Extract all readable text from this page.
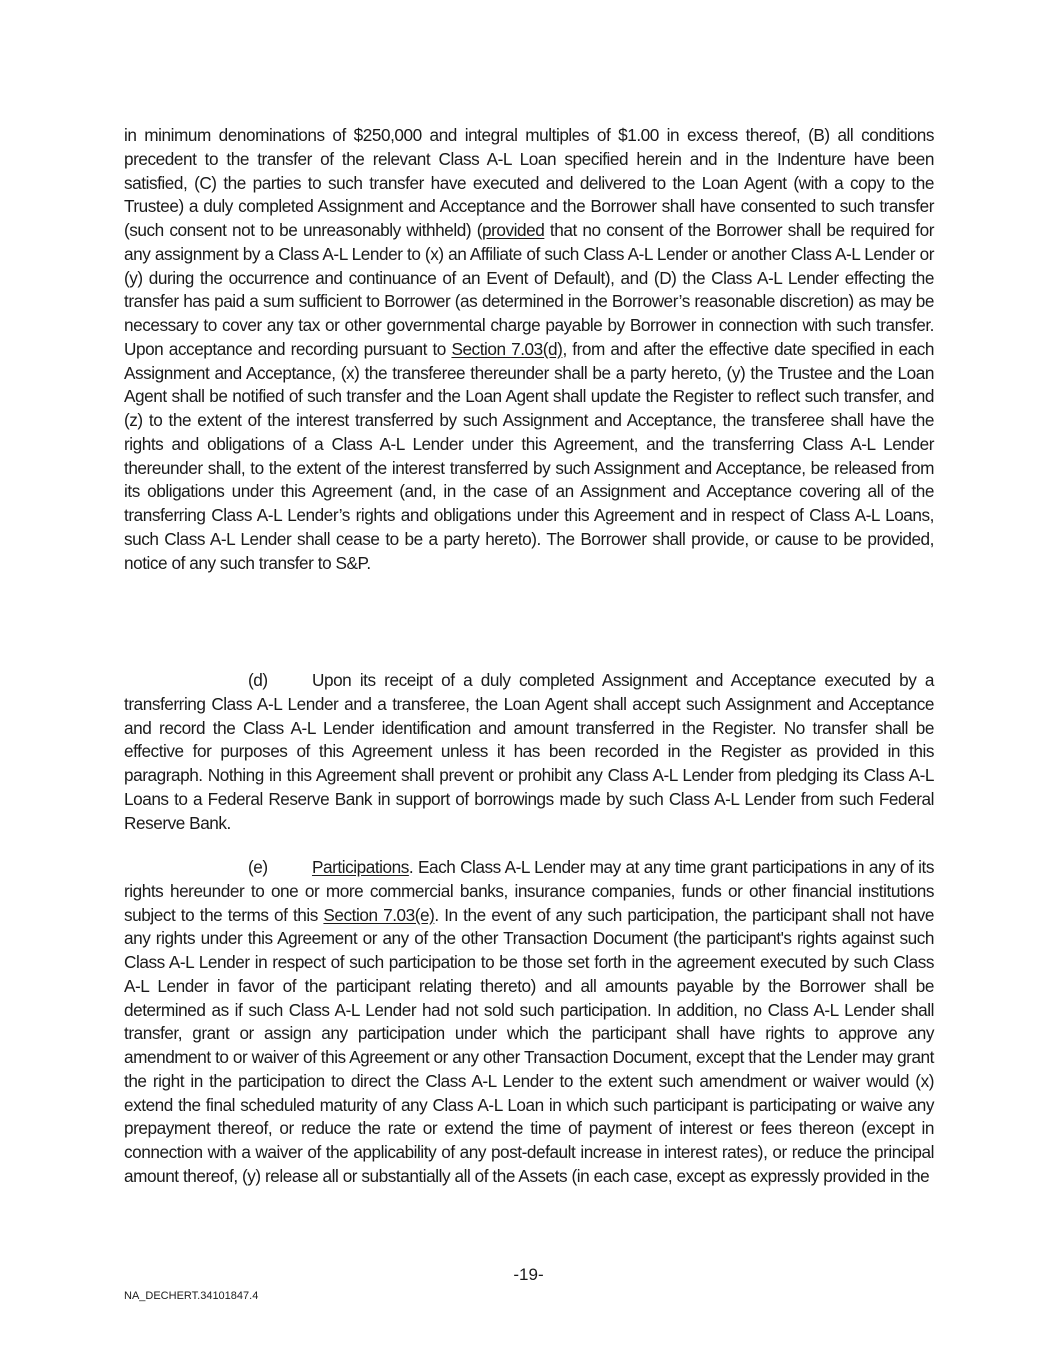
in minimum denominations of $250,000 and integral multiples of $1.00 in excess thereof, (B) all conditions precedent to the transfer of the relevant Class A-L Loan specified herein and in the Indenture have been satisfied, (C) the parties to such transfer have executed and delivered to the Loan Agent (with a copy to the Trustee) a duly completed Assignment and Acceptance and the Borrower shall have consented to such transfer (such consent not to be unreasonably withheld) (provided that no consent of the Borrower shall be required for any assignment by a Class A-L Lender to (x) an Affiliate of such Class A-L Lender or another Class A-L Lender or (y) during the occurrence and continuance of an Event of Default), and (D) the Class A-L Lender effecting the transfer has paid a sum sufficient to Borrower (as determined in the Borrower’s reasonable discretion) as may be necessary to cover any tax or other governmental charge payable by Borrower in connection with such transfer. Upon acceptance and recording pursuant to Section 7.03(d), from and after the effective date specified in each Assignment and Acceptance, (x) the transferee thereunder shall be a party hereto, (y) the Trustee and the Loan Agent shall be notified of such transfer and the Loan Agent shall update the Register to reflect such transfer, and (z) to the extent of the interest transferred by such Assignment and Acceptance, the transferee shall have the rights and obligations of a Class A-L Lender under this Agreement, and the transferring Class A-L Lender thereunder shall, to the extent of the interest transferred by such Assignment and Acceptance, be released from its obligations under this Agreement (and, in the case of an Assignment and Acceptance covering all of the transferring Class A-L Lender’s rights and obligations under this Agreement and in respect of Class A-L Loans, such Class A-L Lender shall cease to be a party hereto). The Borrower shall provide, or cause to be provided, notice of any such transfer to S&P.

(d)	Upon its receipt of a duly completed Assignment and Acceptance executed by a transferring Class A-L Lender and a transferee, the Loan Agent shall accept such Assignment and Acceptance and record the Class A-L Lender identification and amount transferred in the Register. No transfer shall be effective for purposes of this Agreement unless it has been recorded in the Register as provided in this paragraph. Nothing in this Agreement shall prevent or prohibit any Class A-L Lender from pledging its Class A-L Loans to a Federal Reserve Bank in support of borrowings made by such Class A-L Lender from such Federal Reserve Bank.

(e)	Participations. Each Class A-L Lender may at any time grant participations in any of its rights hereunder to one or more commercial banks, insurance companies, funds or other financial institutions subject to the terms of this Section 7.03(e). In the event of any such participation, the participant shall not have any rights under this Agreement or any of the other Transaction Document (the participant's rights against such Class A-L Lender in respect of such participation to be those set forth in the agreement executed by such Class A-L Lender in favor of the participant relating thereto) and all amounts payable by the Borrower shall be determined as if such Class A-L Lender had not sold such participation. In addition, no Class A-L Lender shall transfer, grant or assign any participation under which the participant shall have rights to approve any amendment to or waiver of this Agreement or any other Transaction Document, except that the Lender may grant the right in the participation to direct the Class A-L Lender to the extent such amendment or waiver would (x) extend the final scheduled maturity of any Class A-L Loan in which such participant is participating or waive any prepayment thereof, or reduce the rate or extend the time of payment of interest or fees thereon (except in connection with a waiver of the applicability of any post-default increase in interest rates), or reduce the principal amount thereof, (y) release all or substantially all of the Assets (in each case, except as expressly provided in the

-19-
NA_DECHERT.34101847.4
